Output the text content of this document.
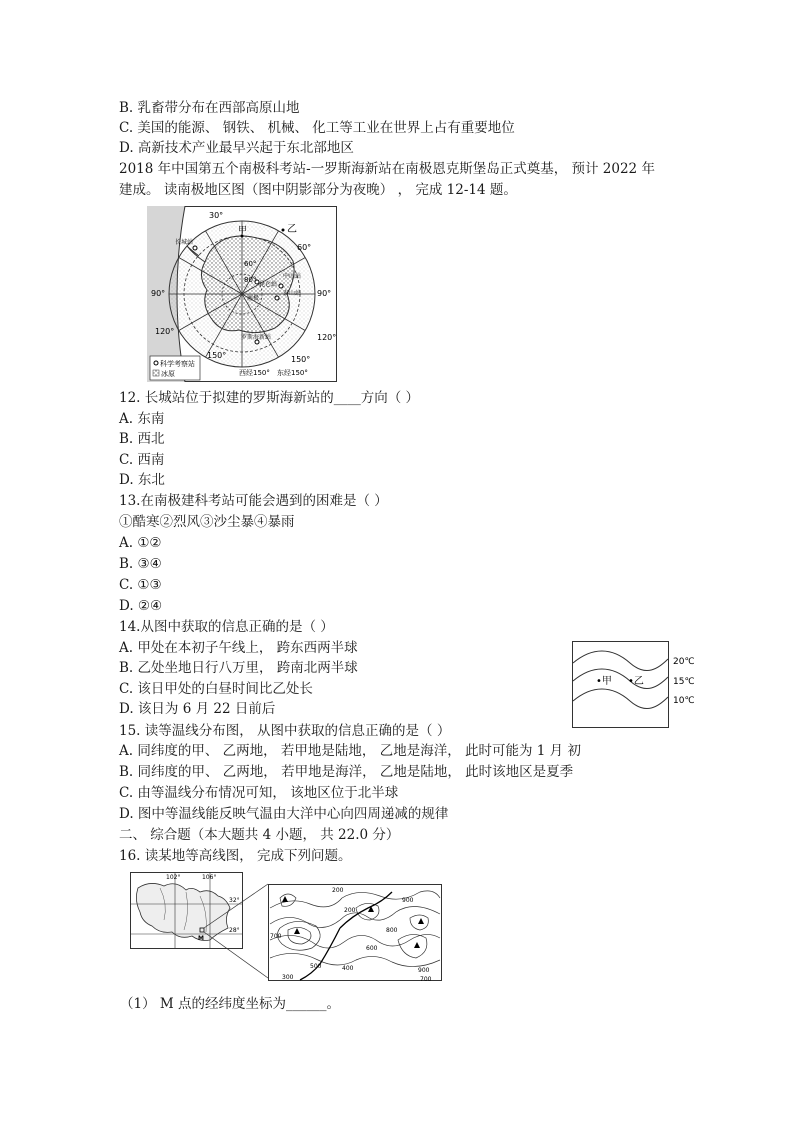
B. 乳畜带分布在西部高原山地
C. 美国的能源、 钢铁、 机械、 化工等工业在世界上占有重要地位
D. 高新技术产业最早兴起于东北部地区
2018 年中国第五个南极科考站-一罗斯海新站在南极恩克斯堡岛正式奠基， 预计 2022 年
建成。 读南极地区图（图中阴影部分为夜晚） ， 完成 12-14 题。
30°
甲	乙
长城站
60°
60°
80°
90°	90°
中山站
泰山站
南极
昆仑站
罗斯海新站
120°
120°
150°	150°
西经150° 东经150°
科学考察站
冰原
12. 长城站位于拟建的罗斯海新站的____方向（ ）
A. 东南
B. 西北
C. 西南
D. 东北
13.在南极建科考站可能会遇到的困难是（ ）
①酷寒②烈风③沙尘暴④暴雨
A. ①②
B. ③④
C. ①③
D. ②④
14.从图中获取的信息正确的是（ ）
A. 甲处在本初子午线上， 跨东西两半球
B. 乙处坐地日行八万里， 跨南北两半球
C. 该日甲处的白昼时间比乙处长
D. 该日为 6 月 22 日前后
•甲 •乙
20℃
15℃
10℃
15. 读等温线分布图， 从图中获取的信息正确的是（ ）
A. 同纬度的甲、 乙两地， 若甲地是陆地， 乙地是海洋， 此时可能为 1 月 初
B. 同纬度的甲、 乙两地， 若甲地是海洋， 乙地是陆地， 此时该地区是夏季
C. 由等温线分布情况可知， 该地区位于北半球
D. 图中等温线能反映气温由大洋中心向四周递减的规律
二、 综合题（本大题共 4 小题， 共 22.0 分）
16. 读某地等高线图， 完成下列问题。
102°	106°
32°
28°
M
200
200
700
500
300
400
900
900
800
600
700
（1） M 点的经纬度坐标为______。
